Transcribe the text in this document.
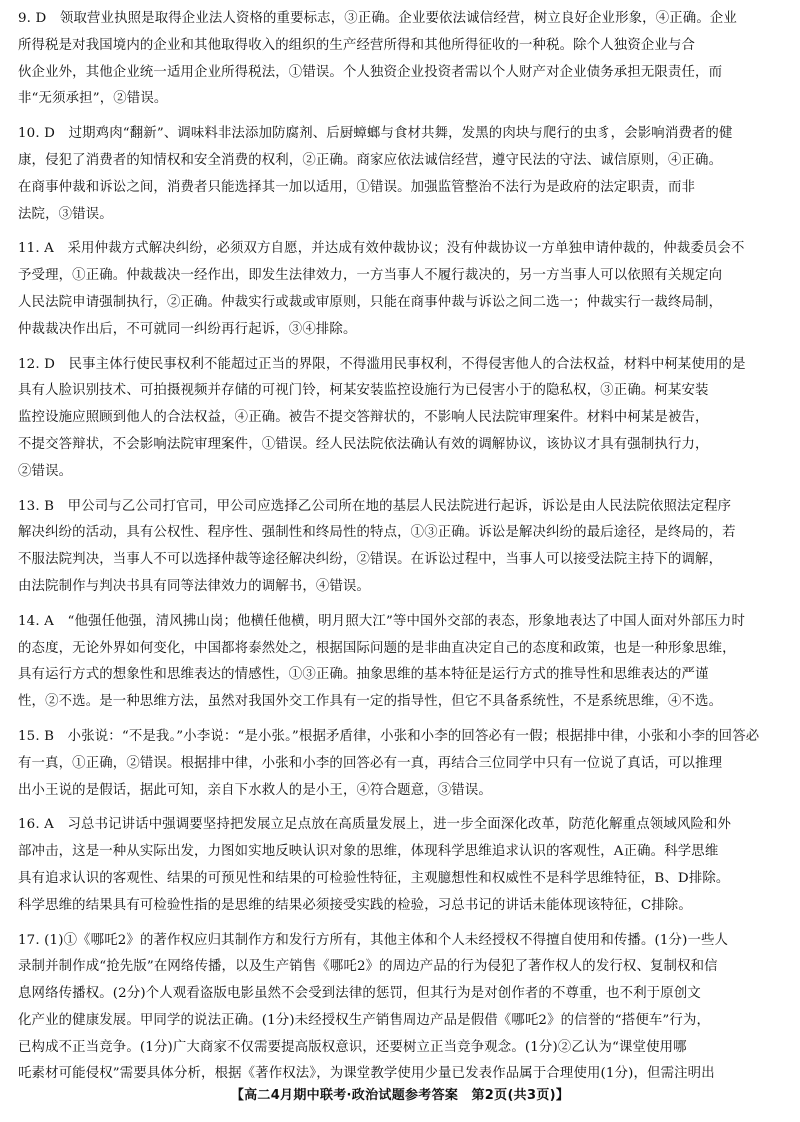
9. D　领取营业执照是取得企业法人资格的重要标志，③正确。企业要依法诚信经营，树立良好企业形象，④正确。企业
所得税是对我国境内的企业和其他取得收入的组织的生产经营所得和其他所得征收的一种税。除个人独资企业与合
伙企业外，其他企业统一适用企业所得税法，①错误。个人独资企业投资者需以个人财产对企业债务承担无限责任，而
非“无须承担”，②错误。
10. D　过期鸡肉“翻新”、调味料非法添加防腐剂、后厨蟑螂与食材共舞，发黑的肉块与爬行的虫豸，会影响消费者的健
康，侵犯了消费者的知情权和安全消费的权利，②正确。商家应依法诚信经营，遵守民法的守法、诚信原则，④正确。
在商事仲裁和诉讼之间，消费者只能选择其一加以适用，①错误。加强监管整治不法行为是政府的法定职责，而非
法院，③错误。
11. A　采用仲裁方式解决纠纷，必须双方自愿，并达成有效仲裁协议；没有仲裁协议一方单独申请仲裁的，仲裁委员会不
予受理，①正确。仲裁裁决一经作出，即发生法律效力，一方当事人不履行裁决的，另一方当事人可以依照有关规定向
人民法院申请强制执行，②正确。仲裁实行或裁或审原则，只能在商事仲裁与诉讼之间二选一；仲裁实行一裁终局制，
仲裁裁决作出后，不可就同一纠纷再行起诉，③④排除。
12. D　民事主体行使民事权利不能超过正当的界限，不得滥用民事权利，不得侵害他人的合法权益，材料中柯某使用的是
具有人脸识别技术、可拍摄视频并存储的可视门铃，柯某安装监控设施行为已侵害小于的隐私权，③正确。柯某安装
监控设施应照顾到他人的合法权益，④正确。被告不提交答辩状的，不影响人民法院审理案件。材料中柯某是被告，
不提交答辩状，不会影响法院审理案件，①错误。经人民法院依法确认有效的调解协议，该协议才具有强制执行力，
②错误。
13. B　甲公司与乙公司打官司，甲公司应选择乙公司所在地的基层人民法院进行起诉，诉讼是由人民法院依照法定程序
解决纠纷的活动，具有公权性、程序性、强制性和终局性的特点，①③正确。诉讼是解决纠纷的最后途径，是终局的，若
不服法院判决，当事人不可以选择仲裁等途径解决纠纷，②错误。在诉讼过程中，当事人可以接受法院主持下的调解，
由法院制作与判决书具有同等法律效力的调解书，④错误。
14. A　“他强任他强，清风拂山岗；他横任他横，明月照大江”等中国外交部的表态，形象地表达了中国人面对外部压力时
的态度，无论外界如何变化，中国都将泰然处之，根据国际问题的是非曲直决定自己的态度和政策，也是一种形象思维，
具有运行方式的想象性和思维表达的情感性，①③正确。抽象思维的基本特征是运行方式的推导性和思维表达的严谨
性，②不选。是一种思维方法，虽然对我国外交工作具有一定的指导性，但它不具备系统性，不是系统思维，④不选。
15. B　小张说：“不是我。”小李说：“是小张。”根据矛盾律，小张和小李的回答必有一假；根据排中律，小张和小李的回答必
有一真，①正确，②错误。根据排中律，小张和小李的回答必有一真，再结合三位同学中只有一位说了真话，可以推理
出小王说的是假话，据此可知，亲自下水救人的是小王，④符合题意，③错误。
16. A　习总书记讲话中强调要坚持把发展立足点放在高质量发展上，进一步全面深化改革，防范化解重点领域风险和外
部冲击，这是一种从实际出发，力图如实地反映认识对象的思维，体现科学思维追求认识的客观性，A正确。科学思维
具有追求认识的客观性、结果的可预见性和结果的可检验性特征，主观臆想性和权威性不是科学思维特征，B、D排除。
科学思维的结果具有可检验性指的是思维的结果必须接受实践的检验，习总书记的讲话未能体现该特征，C排除。
17. (1)①《哪吒2》的著作权应归其制作方和发行方所有，其他主体和个人未经授权不得擅自使用和传播。(1分)一些人
录制并制作成“抢先版”在网络传播，以及生产销售《哪吒2》的周边产品的行为侵犯了著作权人的发行权、复制权和信
息网络传播权。(2分)个人观看盗版电影虽然不会受到法律的惩罚，但其行为是对创作者的不尊重，也不利于原创文
化产业的健康发展。甲同学的说法正确。(1分)未经授权生产销售周边产品是假借《哪吒2》的信誉的“搭便车”行为，
已构成不正当竞争。(1分)广大商家不仅需要提高版权意识，还要树立正当竞争观念。(1分)②乙认为“课堂使用哪
吒素材可能侵权”需要具体分析，根据《著作权法》，为课堂教学使用少量已发表作品属于合理使用(1分)，但需注明出
【高二4月期中联考·政治试题参考答案　第2页(共3页)】
